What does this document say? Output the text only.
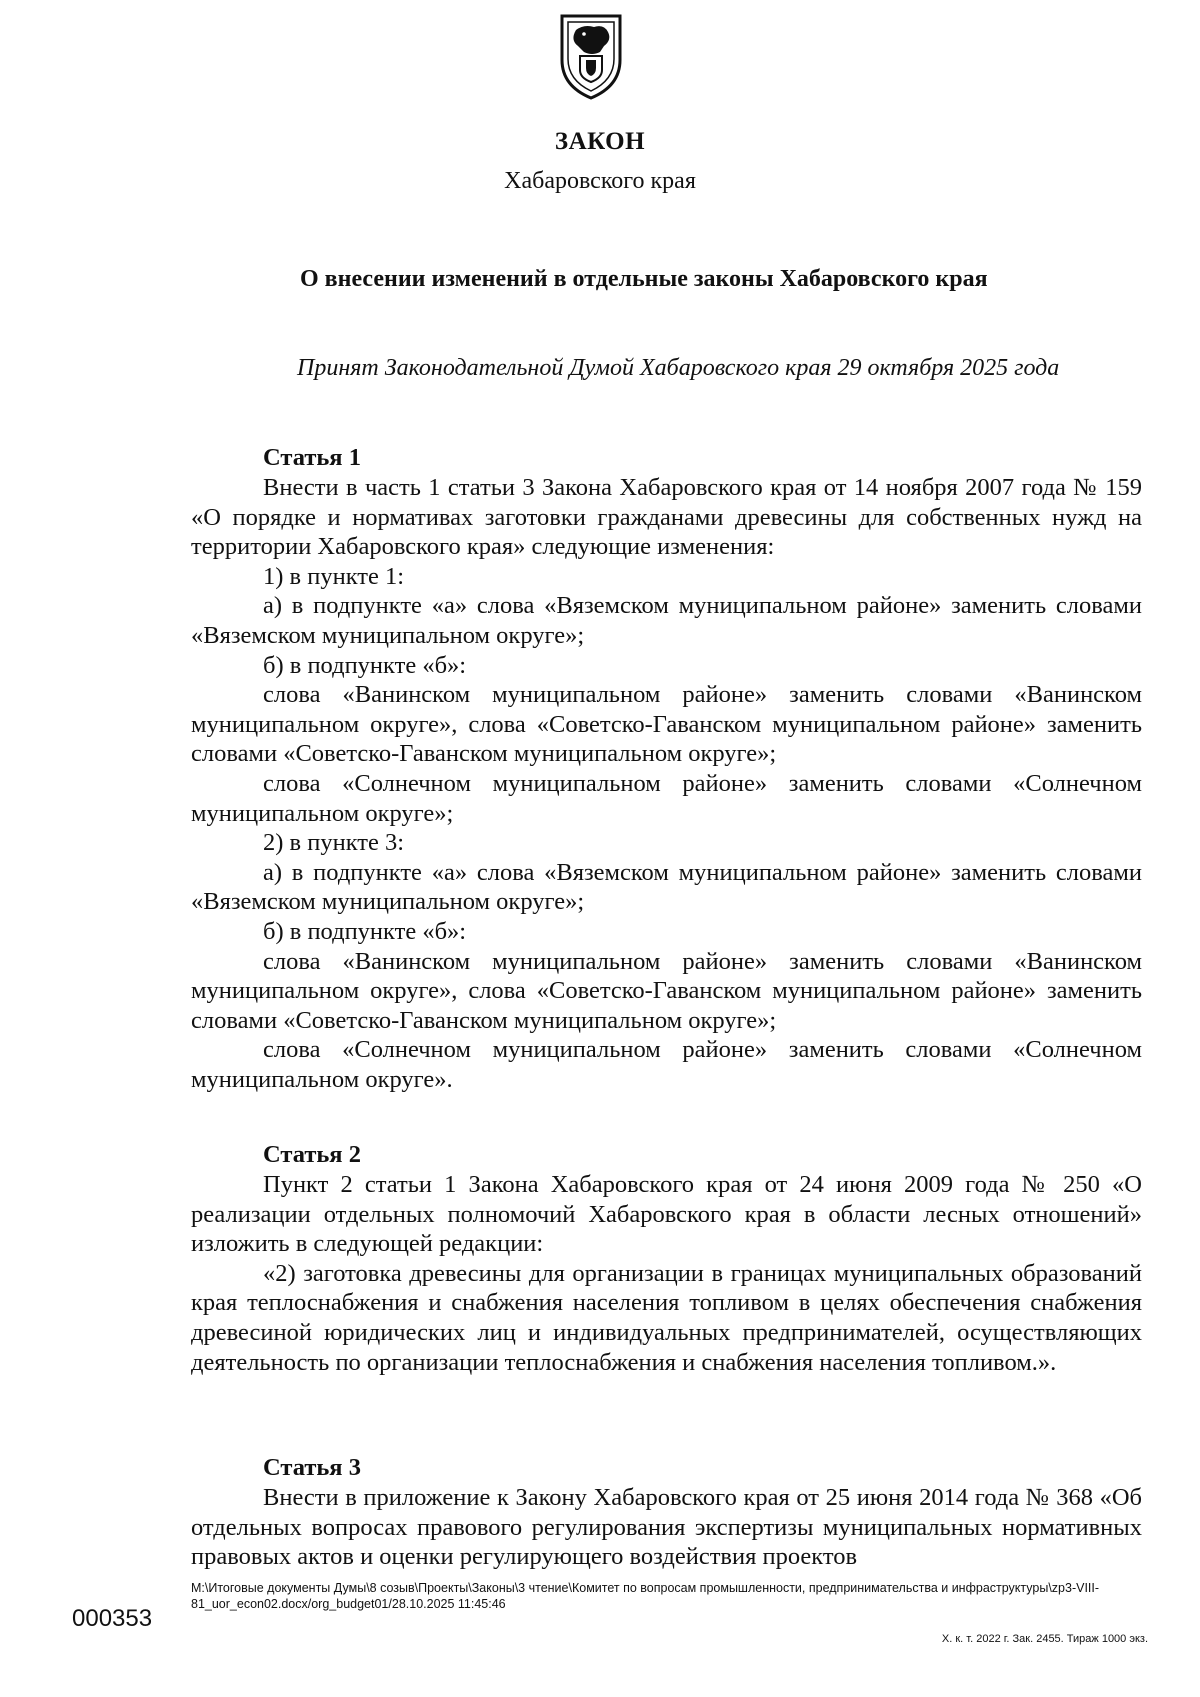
ЗАКОН
Хабаровского края
О внесении изменений в отдельные законы Хабаровского края
Принят Законодательной Думой Хабаровского края 29 октября 2025 года
Статья 1

Внести в часть 1 статьи 3 Закона Хабаровского края от 14 ноября 2007 года № 159 «О порядке и нормативах заготовки гражданами древесины для собственных нужд на территории Хабаровского края» следующие изменения:

1) в пункте 1:

а) в подпункте «а» слова «Вяземском муниципальном районе» заменить словами «Вяземском муниципальном округе»;

б) в подпункте «б»:

слова «Ванинском муниципальном районе» заменить словами «Ванинском муниципальном округе», слова «Советско-Гаванском муниципальном районе» заменить словами «Советско-Гаванском муниципальном округе»;

слова «Солнечном муниципальном районе» заменить словами «Солнечном муниципальном округе»;

2) в пункте 3:

а) в подпункте «а» слова «Вяземском муниципальном районе» заменить словами «Вяземском муниципальном округе»;

б) в подпункте «б»:

слова «Ванинском муниципальном районе» заменить словами «Ванинском муниципальном округе», слова «Советско-Гаванском муниципальном районе» заменить словами «Советско-Гаванском муниципальном округе»;

слова «Солнечном муниципальном районе» заменить словами «Солнечном муниципальном округе».

Статья 2

Пункт 2 статьи 1 Закона Хабаровского края от 24 июня 2009 года № 250 «О реализации отдельных полномочий Хабаровского края в области лесных отношений» изложить в следующей редакции:

«2) заготовка древесины для организации в границах муниципальных образований края теплоснабжения и снабжения населения топливом в целях обеспечения снабжения древесиной юридических лиц и индивидуальных предпринимателей, осуществляющих деятельность по организации теплоснабжения и снабжения населения топливом.».

Статья 3

Внести в приложение к Закону Хабаровского края от 25 июня 2014 года № 368 «Об отдельных вопросах правового регулирования экспертизы муниципальных нормативных правовых актов и оценки регулирующего воздействия проектов

M:\Итоговые документы Думы\8 созыв\Проекты\Законы\3 чтение\Комитет по вопросам промышленности, предпринимательства и инфраструктуры\zp3-VIII-81_uor_econ02.docx/org_budget01/28.10.2025 11:45:46
000353
Х. к. т. 2022 г. Зак. 2455. Тираж 1000 экз.
